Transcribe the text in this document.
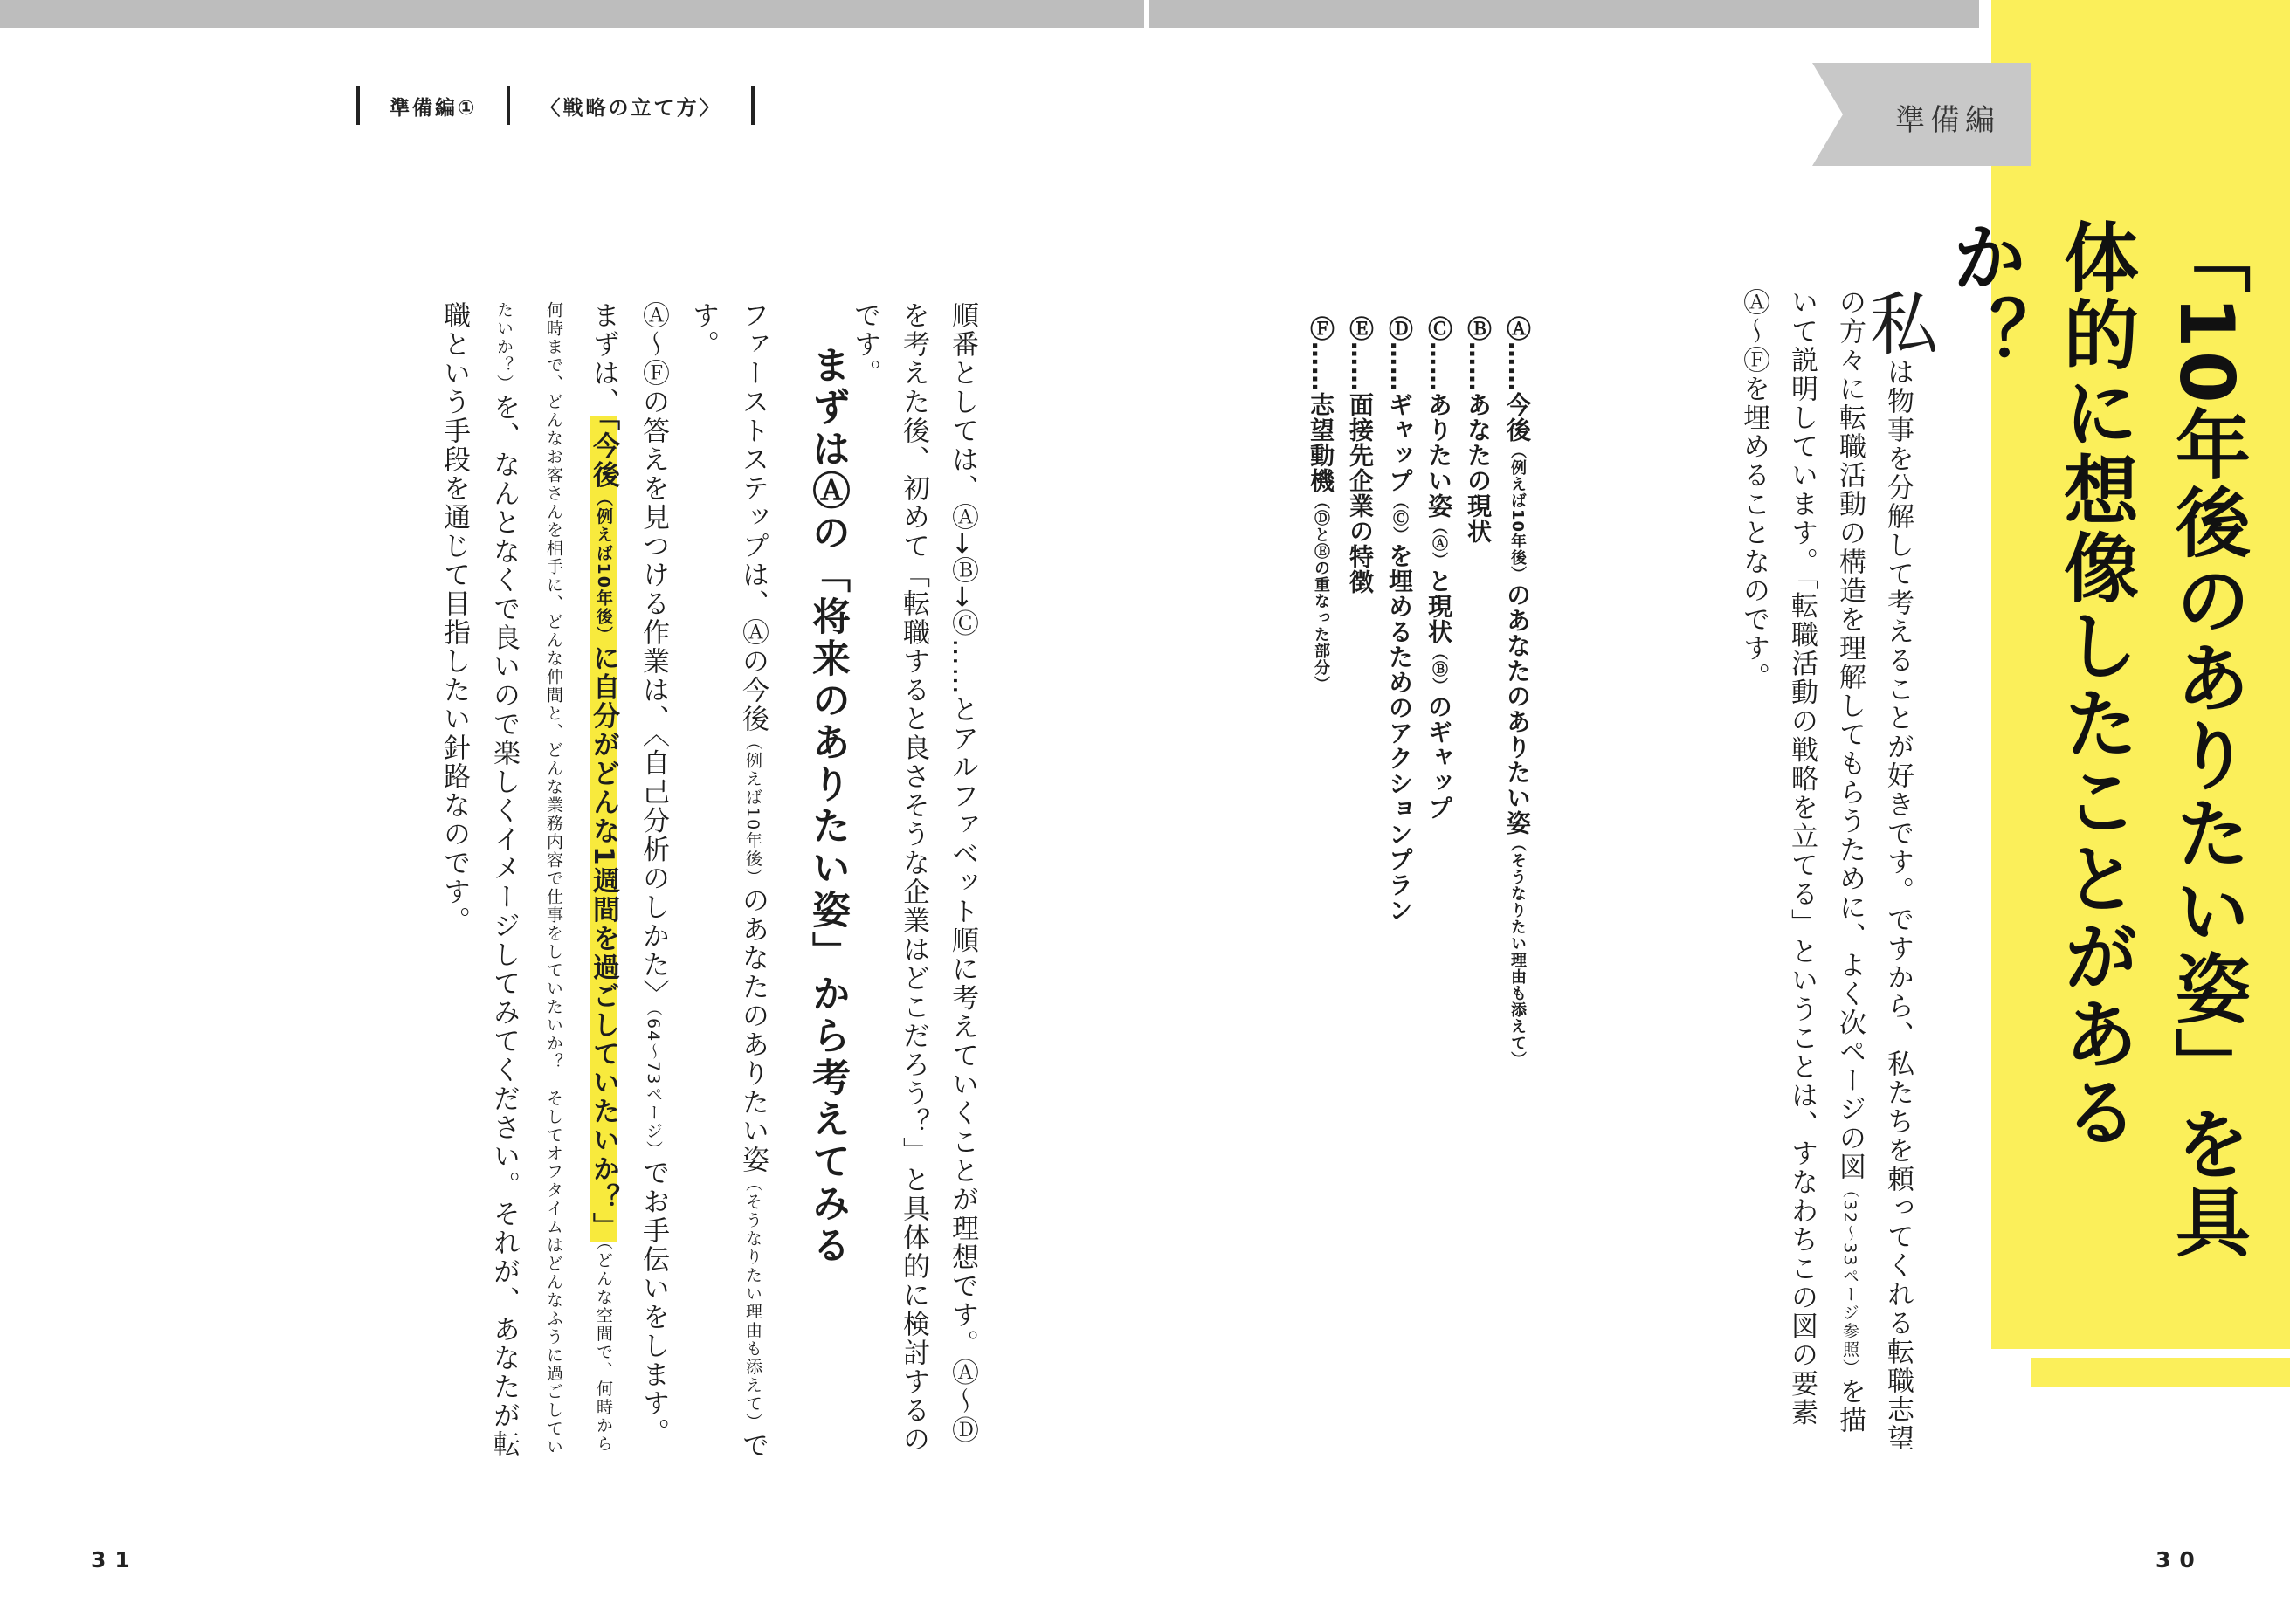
「10年後のありたい姿」を具体的に想像したことがあるか？
準備編
準備編①	〈戦略の立て方〉
私は物事を分解して考えることが好きです。ですから、私たちを頼ってくれる転職志望の方々に転職活動の構造を理解してもらうために、よく次ページの図（32〜33ページ参照）を描いて説明しています。「転職活動の戦略を立てる」ということは、すなわちこの図の要素Ⓐ〜Ⓕを埋めることなのです。
Ⓐ……今後（例えば10年後）のあなたのありたい姿（そうなりたい理由も添えて）
Ⓑ……あなたの現状
Ⓒ……ありたい姿（Ⓐ）と現状（Ⓑ）のギャップ
Ⓓ……ギャップ（Ⓒ）を埋めるためのアクションプラン
Ⓔ……面接先企業の特徴
Ⓕ……志望動機（ⒹとⒺの重なった部分）
順番としては、Ⓐ→Ⓑ→Ⓒ……とアルファベット順に考えていくことが理想です。Ⓐ〜Ⓓを考えた後、初めて「転職すると良さそうな企業はどこだろう？」と具体的に検討するのです。
まずはⒶの「将来のありたい姿」から考えてみる
ファーストステップは、Ⓐの今後（例えば10年後）のあなたのありたい姿（そうなりたい理由も添えて）です。
Ⓐ〜Ⓕの答えを見つける作業は、〈自己分析のしかた〉（64〜73ページ）でお手伝いをします。まずは、「今後（例えば10年後）に自分がどんな1週間を過ごしていたいか？」（どんな空間で、何時から何時まで、どんなお客さんを相手に、どんな仲間と、どんな業務内容で仕事をしていたいか？　そしてオフタイムはどんなふうに過ごしていたいか？）を、なんとなくで良いので楽しくイメージしてみてください。それが、あなたが転職という手段を通じて目指したい針路なのです。
31	30
